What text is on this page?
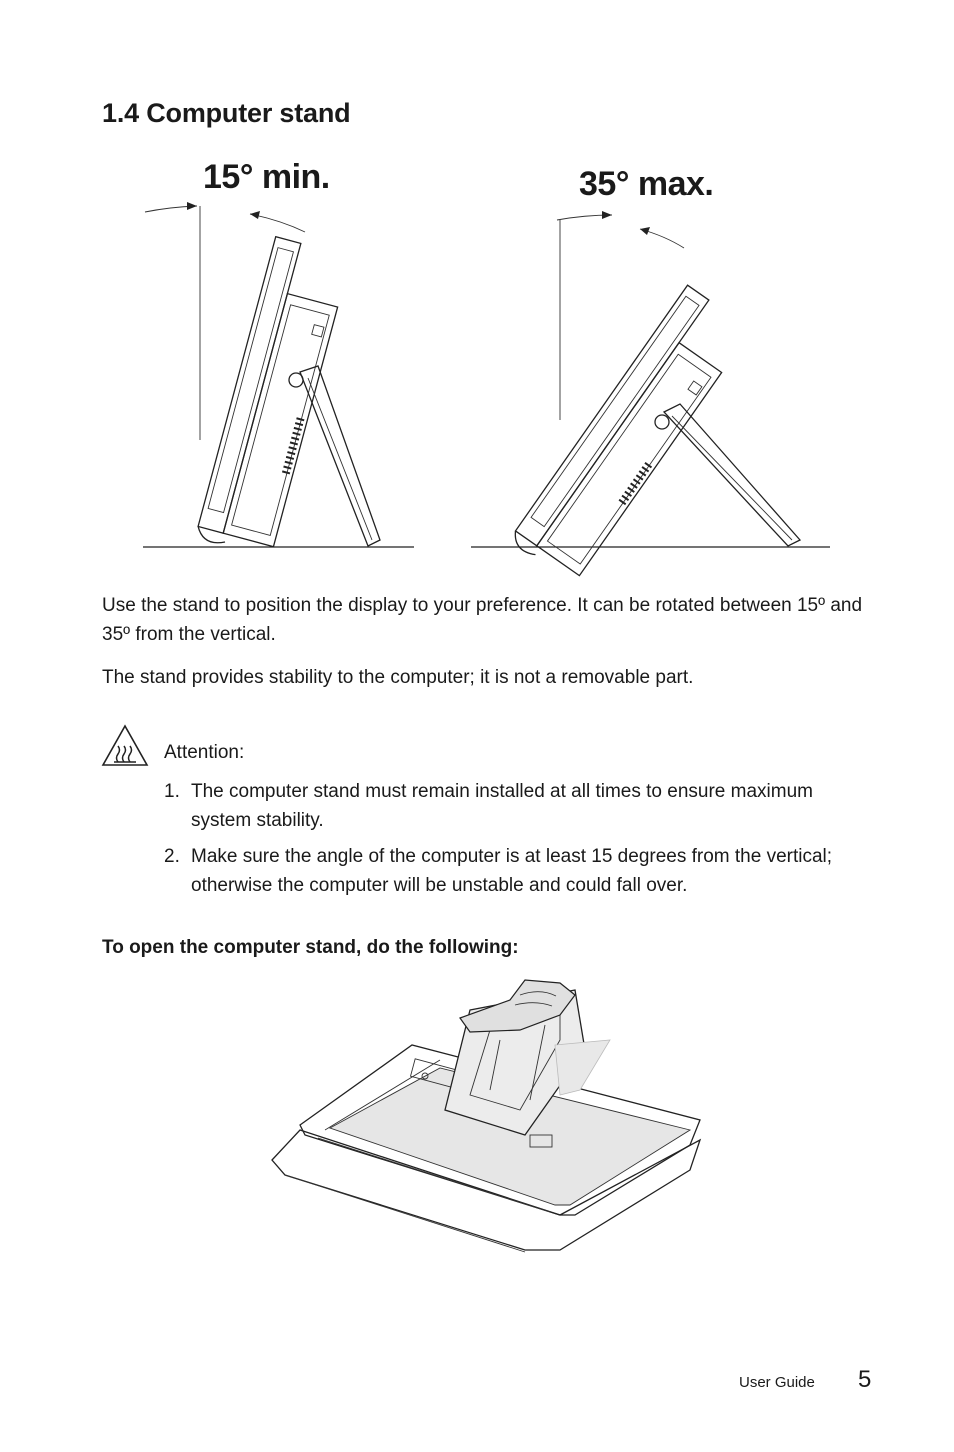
1.4 Computer stand
15° min.	35° max.

Use the stand to position the display to your preference. It can be rotated between 15º and 35º from the vertical.

The stand provides stability to the computer; it is not a removable part.

Attention:
1. The computer stand must remain installed at all times to ensure maximum system stability.
2. Make sure the angle of the computer is at least 15 degrees from the vertical; otherwise the computer will be unstable and could fall over.
To open the computer stand, do the following:
User Guide 5
